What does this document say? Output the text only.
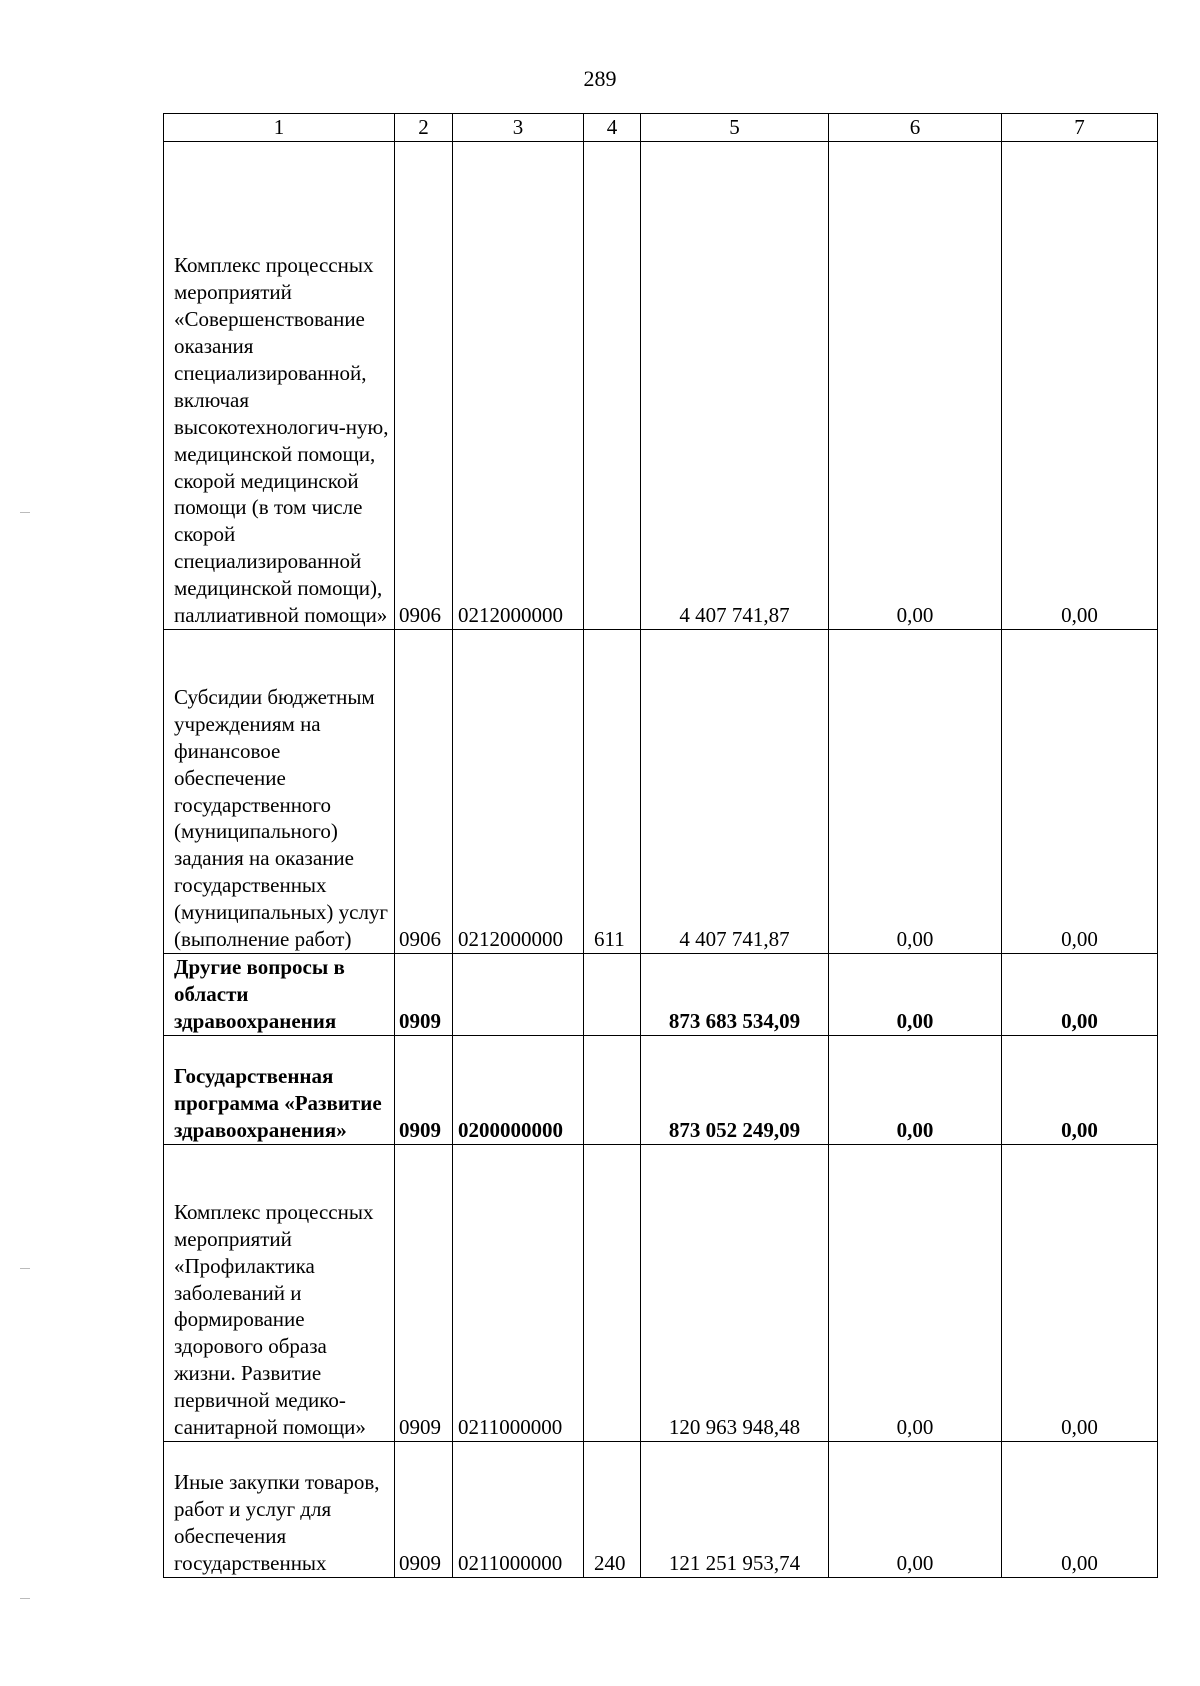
289
1	2	3	4	5	6	7
Комплекс процессных мероприятий «Совершенствование оказания специализированной, включая высокотехнологич-ную, медицинской помощи, скорой медицинской помощи (в том числе скорой специализированной медицинской помощи), паллиативной помощи»	0906	0212000000		4 407 741,87	0,00	0,00
Субсидии бюджетным учреждениям на финансовое обеспечение государственного (муниципального) задания на оказание государственных (муниципальных) услуг (выполнение работ)	0906	0212000000	611	4 407 741,87	0,00	0,00
Другие вопросы в области здравоохранения	0909			873 683 534,09	0,00	0,00
Государственная программа «Развитие здравоохранения»	0909	0200000000		873 052 249,09	0,00	0,00
Комплекс процессных мероприятий «Профилактика заболеваний и формирование здорового образа жизни. Развитие первичной медико-санитарной помощи»	0909	0211000000		120 963 948,48	0,00	0,00
Иные закупки товаров, работ и услуг для обеспечения государственных	0909	0211000000	240	121 251 953,74	0,00	0,00
